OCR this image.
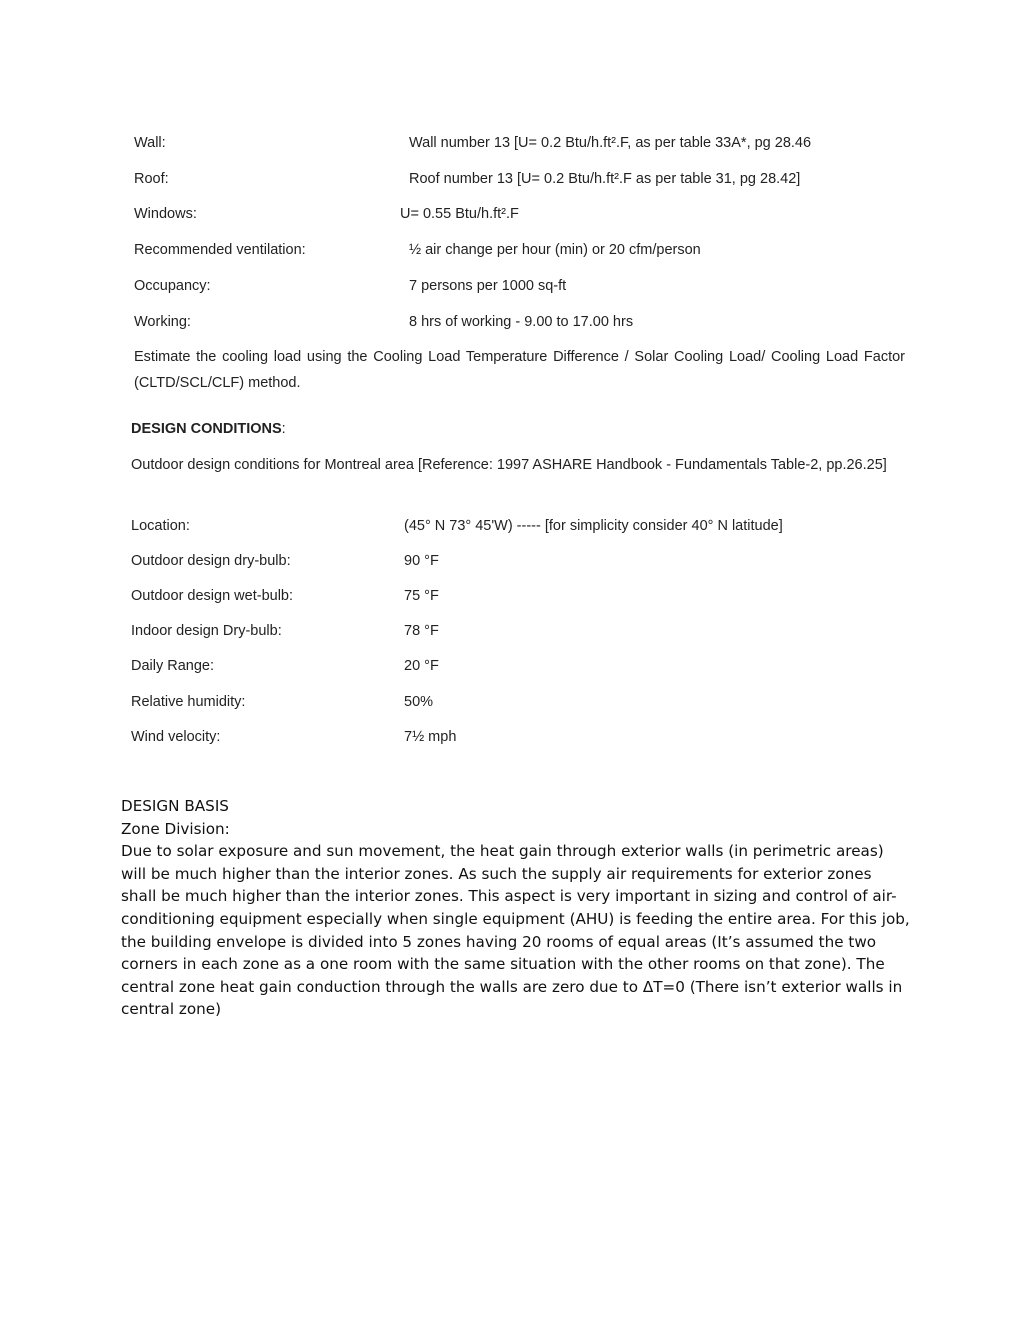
Wall:	Wall number 13 [U= 0.2 Btu/h.ft².F, as per table 33A*, pg 28.46
Roof:	Roof number 13 [U= 0.2 Btu/h.ft².F as per table 31, pg 28.42]
Windows:	U= 0.55 Btu/h.ft².F
Recommended ventilation:	½ air change per hour (min) or 20 cfm/person
Occupancy:	7 persons per 1000 sq-ft
Working:	8 hrs of working - 9.00 to 17.00 hrs
Estimate the cooling load using the Cooling Load Temperature Difference / Solar Cooling Load/ Cooling Load Factor (CLTD/SCL/CLF) method.
DESIGN CONDITIONS:
Outdoor design conditions for Montreal area [Reference: 1997 ASHARE Handbook - Fundamentals Table-2, pp.26.25]
Location:	(45° N 73° 45'W) ----- [for simplicity consider 40° N latitude]
Outdoor design dry-bulb:	90 °F
Outdoor design wet-bulb:	75 °F
Indoor design Dry-bulb:	78 °F
Daily Range:	20 °F
Relative humidity:	50%
Wind velocity:	7½ mph
DESIGN BASIS
Zone Division:
Due to solar exposure and sun movement, the heat gain through exterior walls (in perimetric areas) will be much higher than the interior zones. As such the supply air requirements for exterior zones shall be much higher than the interior zones. This aspect is very important in sizing and control of air-conditioning equipment especially when single equipment (AHU) is feeding the entire area. For this job, the building envelope is divided into 5 zones having 20 rooms of equal areas (It’s assumed the two corners in each zone as a one room with the same situation with the other rooms on that zone). The central zone heat gain conduction through the walls are zero due to ΔT=0 (There isn’t exterior walls in central zone)
